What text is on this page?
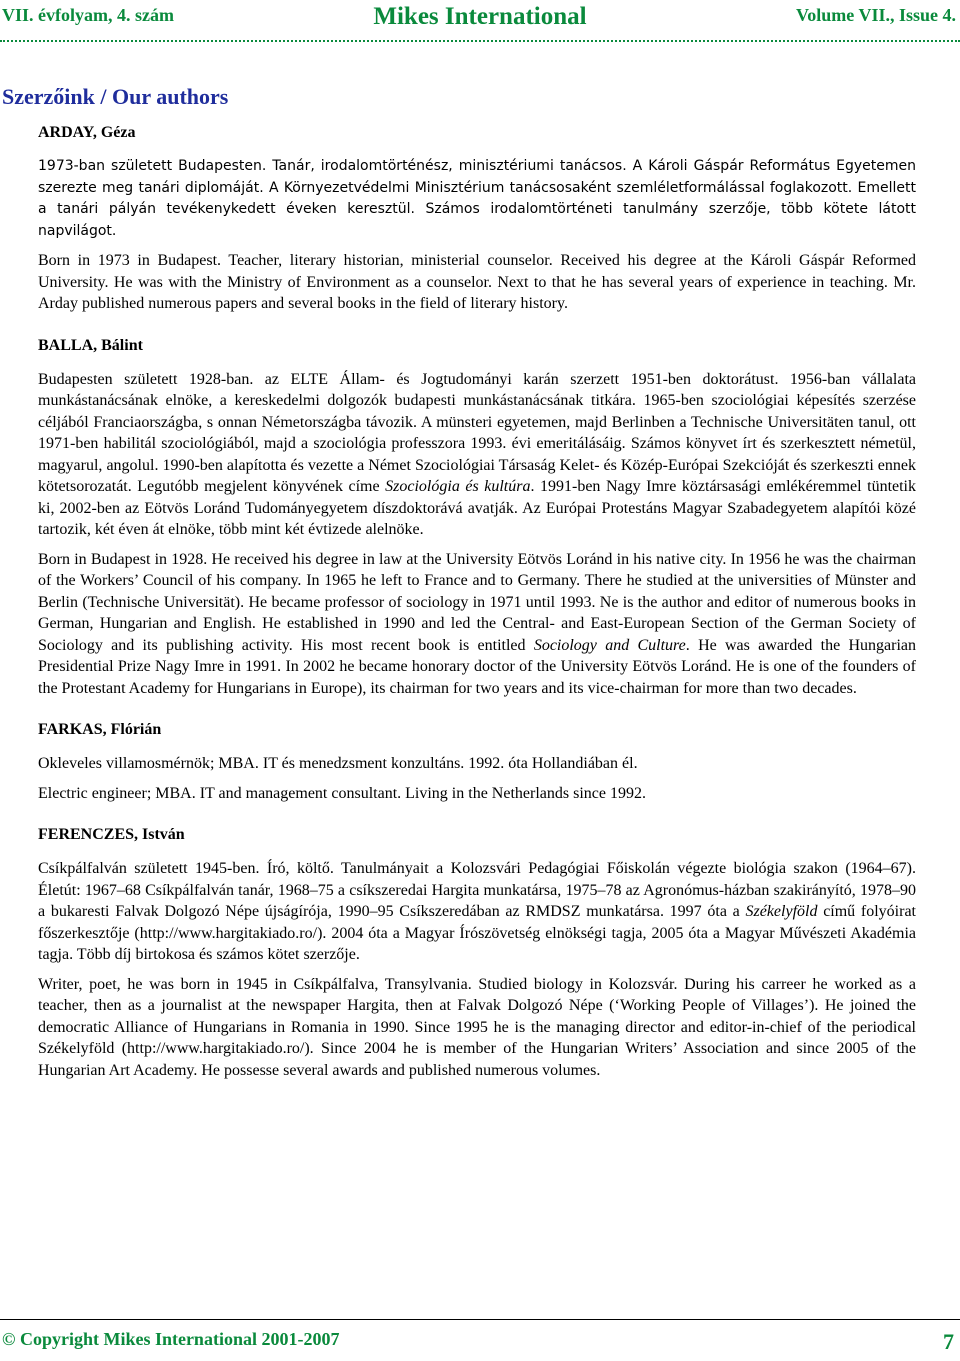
VII. évfolyam, 4. szám	Mikes International	Volume VII., Issue 4.
Szerzőink / Our authors

ARDAY, Géza

1973-ban született Budapesten. Tanár, irodalomtörténész, minisztériumi tanácsos. A Károli Gáspár Református Egyetemen szerezte meg tanári diplomáját. A Környezetvédelmi Minisztérium tanácsosaként szemléletformálással foglakozott. Emellett a tanári pályán tevékenykedett éveken keresztül. Számos irodalomtörténeti tanulmány szerzője, több kötete látott napvilágot.

Born in 1973 in Budapest. Teacher, literary historian, ministerial counselor. Received his degree at the Károli Gáspár Reformed University. He was with the Ministry of Environment as a counselor. Next to that he has several years of experience in teaching. Mr. Arday published numerous papers and several books in the field of literary history.

BALLA, Bálint

Budapesten született 1928-ban. az ELTE Állam- és Jogtudományi karán szerzett 1951-ben doktorátust. 1956-ban vállalata munkástanácsának elnöke, a kereskedelmi dolgozók budapesti munkástanácsának titkára. 1965-ben szociológiai képesítés szerzése céljából Franciaországba, s onnan Németországba távozik. A münsteri egyetemen, majd Berlinben a Technische Universitäten tanul, ott 1971-ben habilitál szociológiából, majd a szociológia professzora 1993. évi emeritálásáig. Számos könyvet írt és szerkesztett németül, magyarul, angolul. 1990-ben alapította és vezette a Német Szociológiai Társaság Kelet- és Közép-Európai Szekcióját és szerkeszti ennek kötetsorozatát. Legutóbb megjelent könyvének címe Szociológia és kultúra. 1991-ben Nagy Imre köztársasági emlékéremmel tüntetik ki, 2002-ben az Eötvös Loránd Tudományegyetem díszdoktorává avatják. Az Európai Protestáns Magyar Szabadegyetem alapítói közé tartozik, két éven át elnöke, több mint két évtizede alelnöke.

Born in Budapest in 1928. He received his degree in law at the University Eötvös Loránd in his native city. In 1956 he was the chairman of the Workers’ Council of his company. In 1965 he left to France and to Germany. There he studied at the universities of Münster and Berlin (Technische Universität). He became professor of sociology in 1971 until 1993. Ne is the author and editor of numerous books in German, Hungarian and English. He established in 1990 and led the Central- and East-European Section of the German Society of Sociology and its publishing activity. His most recent book is entitled Sociology and Culture. He was awarded the Hungarian Presidential Prize Nagy Imre in 1991. In 2002 he became honorary doctor of the University Eötvös Loránd. He is one of the founders of the Protestant Academy for Hungarians in Europe), its chairman for two years and its vice-chairman for more than two decades.

FARKAS, Flórián

Okleveles villamosmérnök; MBA. IT és menedzsment konzultáns. 1992. óta Hollandiában él.

Electric engineer; MBA. IT and management consultant. Living in the Netherlands since 1992.

FERENCZES, István

Csíkpálfalván született 1945-ben. Író, költő. Tanulmányait a Kolozsvári Pedagógiai Főiskolán végezte biológia szakon (1964–67). Életút: 1967–68 Csíkpálfalván tanár, 1968–75 a csíkszeredai Hargita munkatársa, 1975–78 az Agronómus-házban szakirányító, 1978–90 a bukaresti Falvak Dolgozó Népe újságírója, 1990–95 Csíkszeredában az RMDSZ munkatársa. 1997 óta a Székelyföld című folyóirat főszerkesztője (http://www.hargitakiado.ro/). 2004 óta a Magyar Írószövetség elnökségi tagja, 2005 óta a Magyar Művészeti Akadémia tagja. Több díj birtokosa és számos kötet szerzője.

Writer, poet, he was born in 1945 in Csíkpálfalva, Transylvania. Studied biology in Kolozsvár. During his carreer he worked as a teacher, then as a journalist at the newspaper Hargita, then at Falvak Dolgozó Népe (‘Working People of Villages’). He joined the democratic Alliance of Hungarians in Romania in 1990. Since 1995 he is the managing director and editor-in-chief of the periodical Székelyföld (http://www.hargitakiado.ro/). Since 2004 he is member of the Hungarian Writers’ Association and since 2005 of the Hungarian Art Academy. He possesse several awards and published numerous volumes.

© Copyright Mikes International 2001-2007	7
